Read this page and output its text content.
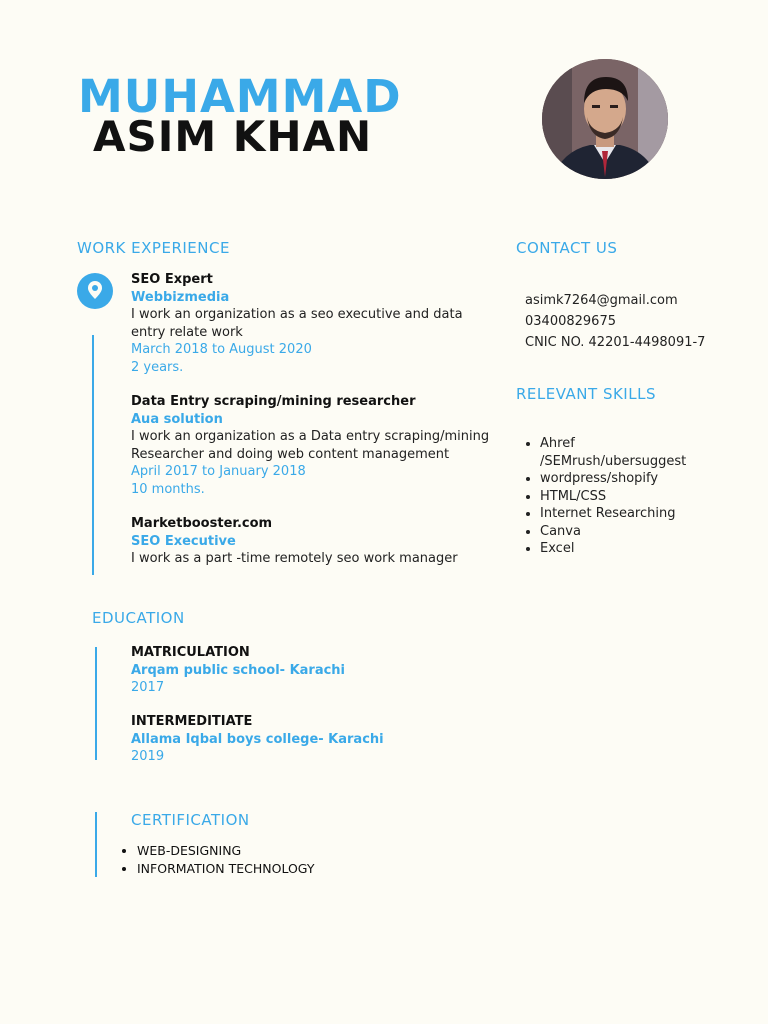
MUHAMMAD
ASIM KHAN
WORK EXPERIENCE
SEO Expert
Webbizmedia
I work an organization as a seo executive and data entry relate work
March 2018 to August 2020
2 years.
Data Entry scraping/mining researcher
Aua solution
I work an organization as a Data entry scraping/mining Researcher and doing web content management
April 2017 to January 2018
10 months.
Marketbooster.com
SEO Executive
I work as a part -time remotely seo work manager
CONTACT US
asimk7264@gmail.com
03400829675
CNIC NO. 42201-4498091-7
RELEVANT SKILLS
• Ahref /SEMrush/ubersuggest
• wordpress/shopify
• HTML/CSS
• Internet Researching
• Canva
• Excel
EDUCATION
MATRICULATION
Arqam public school- Karachi
2017
INTERMEDITIATE
Allama Iqbal boys college- Karachi
2019
CERTIFICATION
• WEB-DESIGNING
• INFORMATION TECHNOLOGY
